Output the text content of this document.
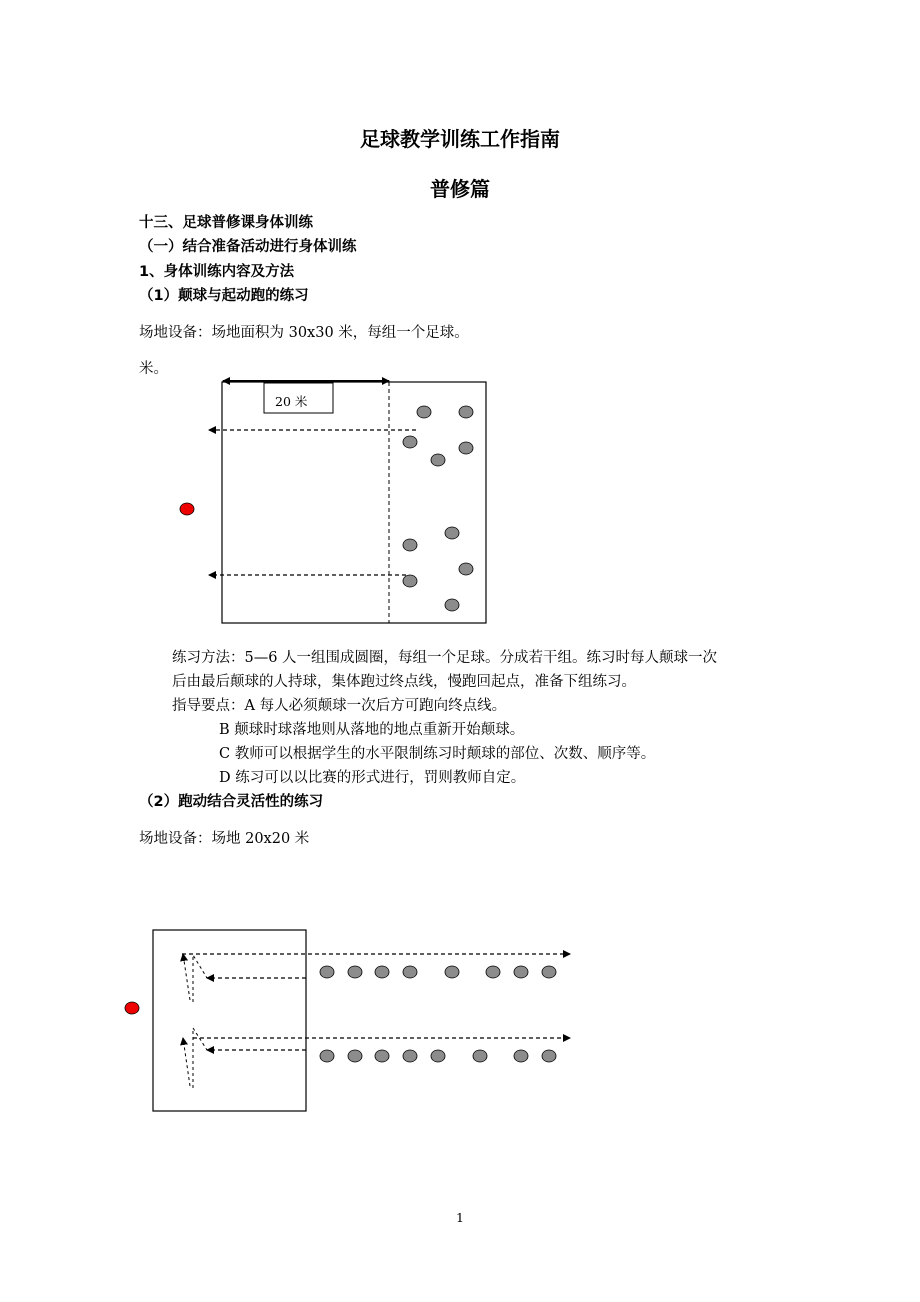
足球教学训练工作指南
普修篇
十三、足球普修课身体训练
（一）结合准备活动进行身体训练
1、身体训练内容及方法
（1）颠球与起动跑的练习
场地设备：场地面积为 30x30 米，每组一个足球。
米。
20 米
练习方法：5—6 人一组围成圆圈，每组一个足球。分成若干组。练习时每人颠球一次
后由最后颠球的人持球，集体跑过终点线，慢跑回起点，准备下组练习。
指导要点：A 每人必须颠球一次后方可跑向终点线。
B 颠球时球落地则从落地的地点重新开始颠球。
C 教师可以根据学生的水平限制练习时颠球的部位、次数、顺序等。
D 练习可以以比赛的形式进行，罚则教师自定。
（2）跑动结合灵活性的练习
场地设备：场地 20x20 米
1
